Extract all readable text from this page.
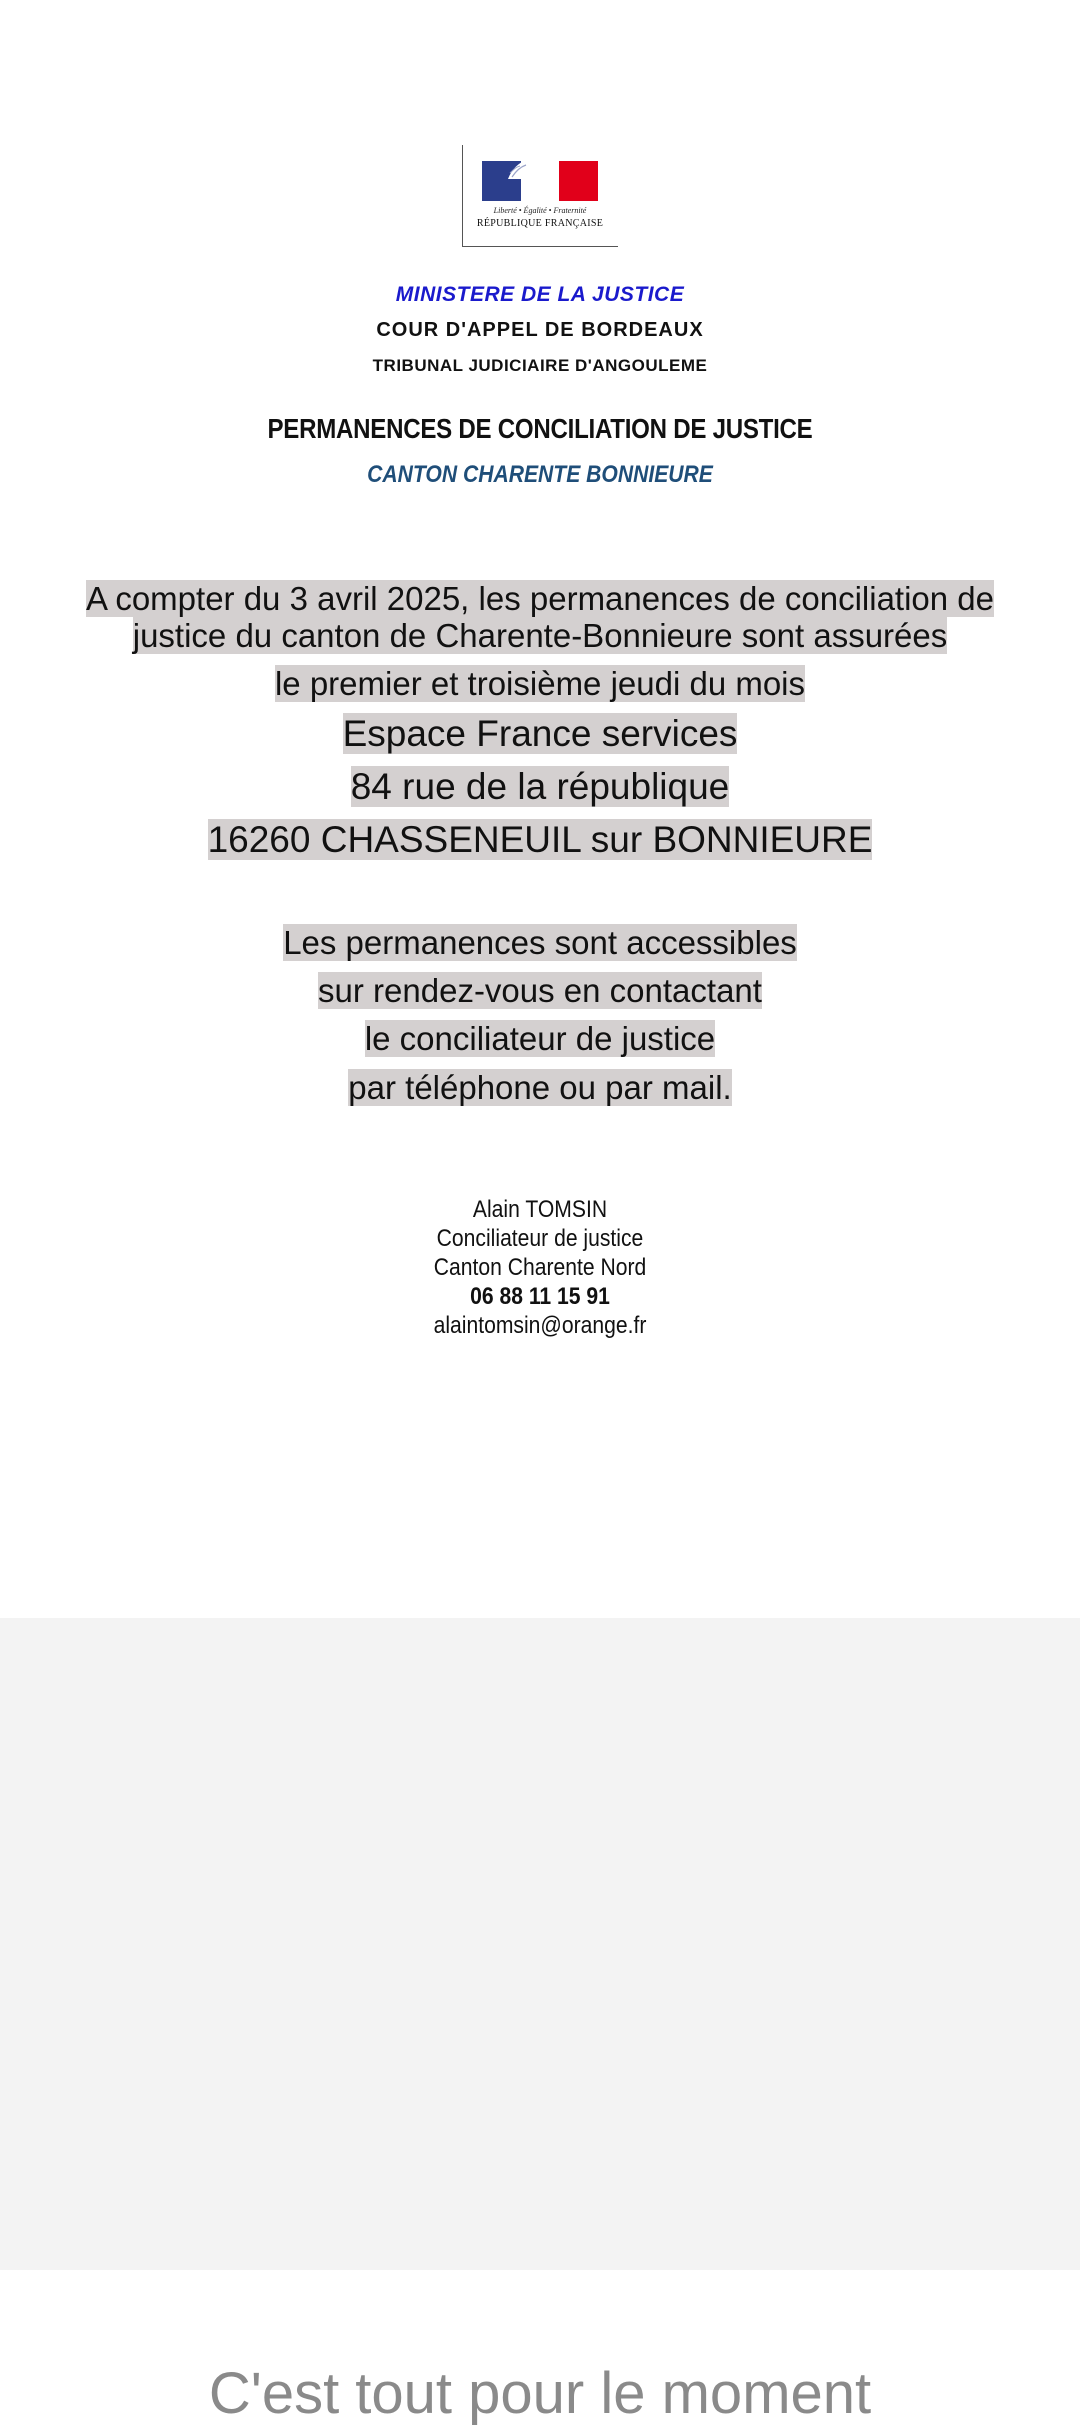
Liberté • Égalité • Fraternité
RÉPUBLIQUE FRANÇAISE
MINISTERE DE LA JUSTICE
COUR D'APPEL DE BORDEAUX
TRIBUNAL JUDICIAIRE D'ANGOULEME
PERMANENCES DE CONCILIATION DE JUSTICE
CANTON CHARENTE BONNIEURE
A compter du 3 avril 2025, les permanences de conciliation de
justice du canton de Charente-Bonnieure sont assurées
le premier et troisième jeudi du mois
Espace France services
84 rue de la république
16260 CHASSENEUIL sur BONNIEURE
Les permanences sont accessibles
sur rendez-vous en contactant
le conciliateur de justice
par téléphone ou par mail.
Alain TOMSIN
Conciliateur de justice
Canton Charente Nord
06 88 11 15 91
alaintomsin@orange.fr
C'est tout pour le moment
